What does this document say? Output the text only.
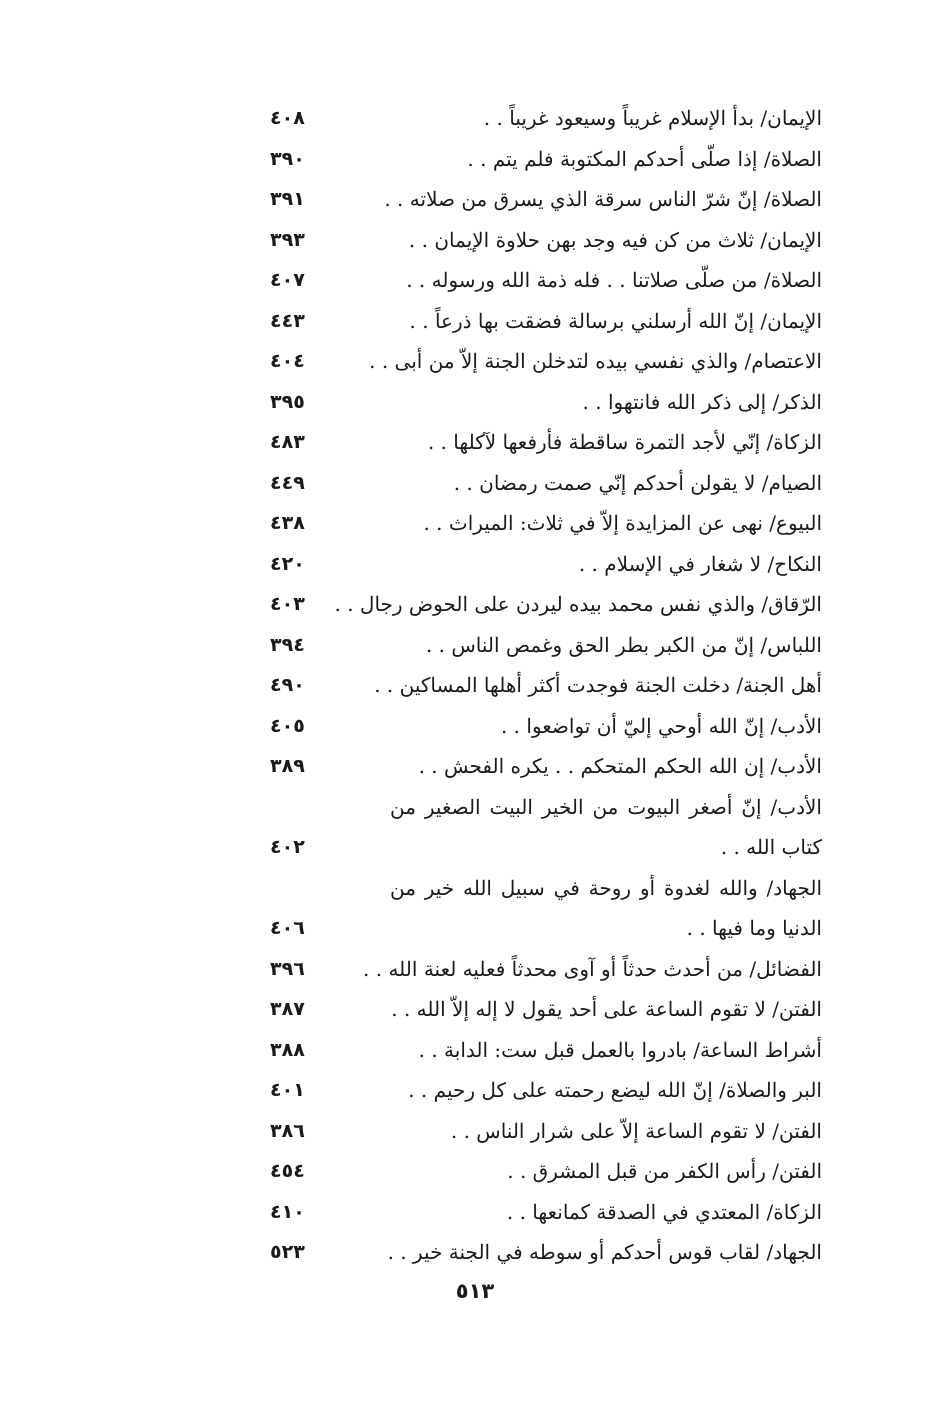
الإيمان/ بدأ الإسلام غريباً وسيعود غريباً . .
٤٠٨
الصلاة/ إذا صلّى أحدكم المكتوبة فلم يتم . .
٣٩٠
الصلاة/ إنّ شرّ الناس سرقة الذي يسرق من صلاته . .
٣٩١
الإيمان/ ثلاث من كن فيه وجد بهن حلاوة الإيمان . .
٣٩٣
الصلاة/ من صلّى صلاتنا . . فله ذمة الله ورسوله . .
٤٠٧
الإيمان/ إنّ الله أرسلني برسالة فضقت بها ذرعاً . .
٤٤٣
الاعتصام/ والذي نفسي بيده لتدخلن الجنة إلاّ من أبى . .
٤٠٤
الذكر/ إلى ذكر الله فانتهوا . .
٣٩٥
الزكاة/ إنّي لأجد التمرة ساقطة فأرفعها لآكلها . .
٤٨٣
الصيام/ لا يقولن أحدكم إنّي صمت رمضان . .
٤٤٩
البيوع/ نهى عن المزايدة إلاّ في ثلاث: الميراث . .
٤٣٨
النكاح/ لا شغار في الإسلام . .
٤٢٠
الرّقاق/ والذي نفس محمد بيده ليردن على الحوض رجال . .
٤٠٣
اللباس/ إنّ من الكبر بطر الحق وغمص الناس . .
٣٩٤
أهل الجنة/ دخلت الجنة فوجدت أكثر أهلها المساكين . .
٤٩٠
الأدب/ إنّ الله أوحي إليّ أن تواضعوا . .
٤٠٥
الأدب/ إن الله الحكم المتحكم . . يكره الفحش . .
٣٨٩
الأدب/ إنّ أصغر البيوت من الخير البيت الصغير من كتاب الله . .
٤٠٢
الجهاد/ والله لغدوة أو روحة في سبيل الله خير من الدنيا وما فيها . .
٤٠٦
الفضائل/ من أحدث حدثاً أو آوى محدثاً فعليه لعنة الله . .
٣٩٦
الفتن/ لا تقوم الساعة على أحد يقول لا إله إلاّ الله . .
٣٨٧
أشراط الساعة/ بادروا بالعمل قبل ست: الدابة . .
٣٨٨
البر والصلاة/ إنّ الله ليضع رحمته على كل رحيم . .
٤٠١
الفتن/ لا تقوم الساعة إلاّ على شرار الناس . .
٣٨٦
الفتن/ رأس الكفر من قبل المشرق . .
٤٥٤
الزكاة/ المعتدي في الصدقة كمانعها . .
٤١٠
الجهاد/ لقاب قوس أحدكم أو سوطه في الجنة خير . .
٥٢٣
٥١٣
